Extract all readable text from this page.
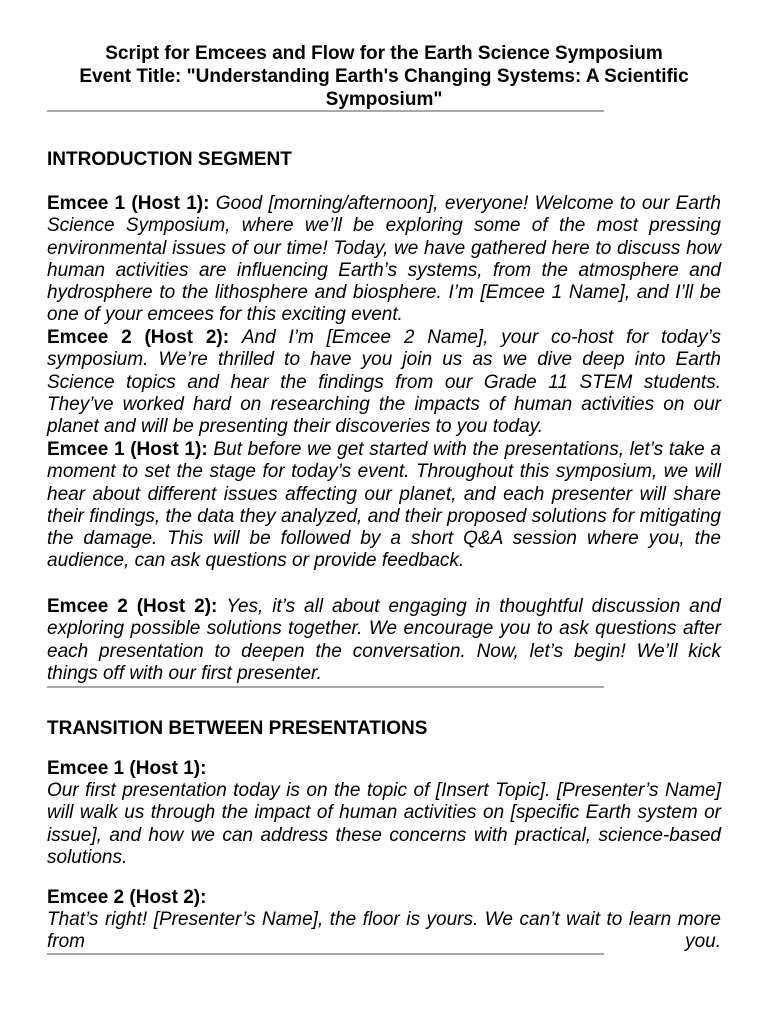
Script for Emcees and Flow for the Earth Science Symposium
Event Title: "Understanding Earth's Changing Systems: A Scientific
Symposium"
INTRODUCTION SEGMENT
Emcee 1 (Host 1): Good [morning/afternoon], everyone! Welcome to our Earth Science Symposium, where we’ll be exploring some of the most pressing environmental issues of our time! Today, we have gathered here to discuss how human activities are influencing Earth’s systems, from the atmosphere and hydrosphere to the lithosphere and biosphere. I’m [Emcee 1 Name], and I’ll be one of your emcees for this exciting event.
Emcee 2 (Host 2): And I’m [Emcee 2 Name], your co-host for today’s symposium. We’re thrilled to have you join us as we dive deep into Earth Science topics and hear the findings from our Grade 11 STEM students. They’ve worked hard on researching the impacts of human activities on our planet and will be presenting their discoveries to you today.
Emcee 1 (Host 1): But before we get started with the presentations, let’s take a moment to set the stage for today’s event. Throughout this symposium, we will hear about different issues affecting our planet, and each presenter will share their findings, the data they analyzed, and their proposed solutions for mitigating the damage. This will be followed by a short Q&A session where you, the audience, can ask questions or provide feedback.
Emcee 2 (Host 2): Yes, it’s all about engaging in thoughtful discussion and exploring possible solutions together. We encourage you to ask questions after each presentation to deepen the conversation. Now, let’s begin! We’ll kick things off with our first presenter.
TRANSITION BETWEEN PRESENTATIONS
Emcee 1 (Host 1):
Our first presentation today is on the topic of [Insert Topic]. [Presenter’s Name] will walk us through the impact of human activities on [specific Earth system or issue], and how we can address these concerns with practical, science-based solutions.
Emcee 2 (Host 2):
That’s right! [Presenter’s Name], the floor is yours. We can’t wait to learn more from you.
